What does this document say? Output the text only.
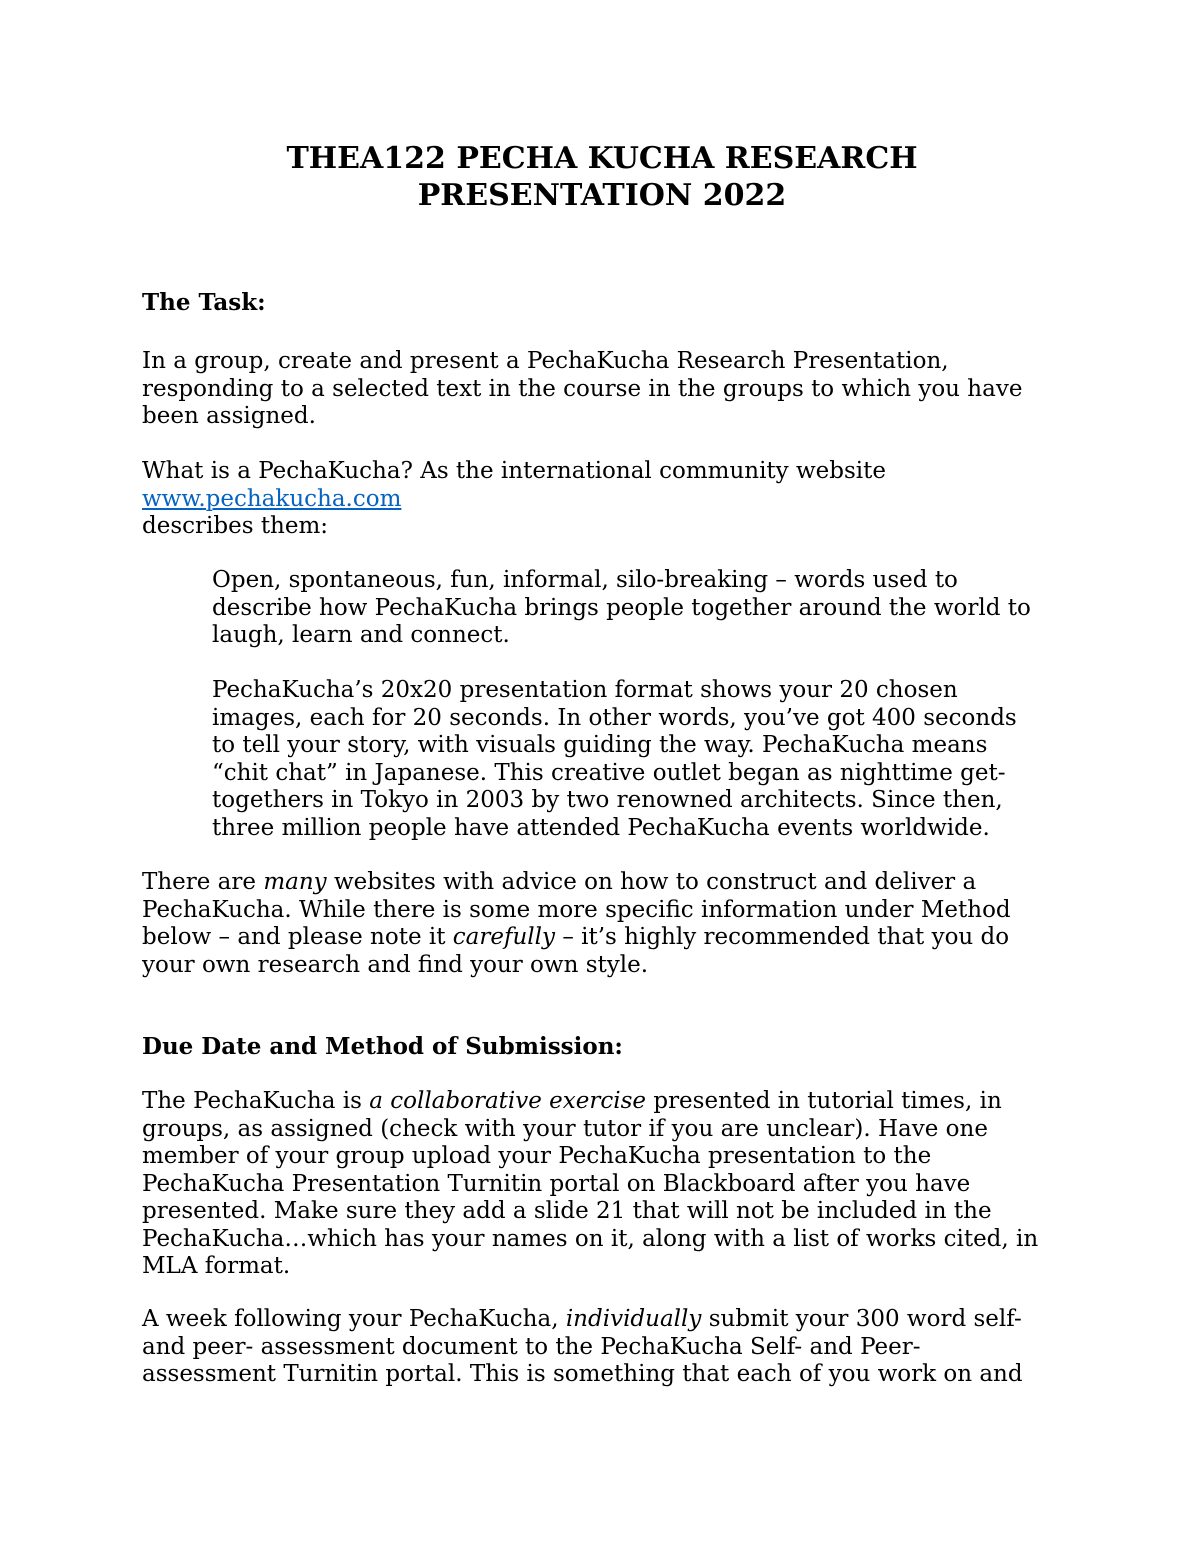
THEA122 PECHA KUCHA RESEARCH
PRESENTATION 2022
The Task:

In a group, create and present a PechaKucha Research Presentation,
responding to a selected text in the course in the groups to which you have
been assigned.

What is a PechaKucha? As the international community website
www.pechakucha.com
describes them:

Open, spontaneous, fun, informal, silo-breaking – words used to
describe how PechaKucha brings people together around the world to
laugh, learn and connect.

PechaKucha’s 20x20 presentation format shows your 20 chosen
images, each for 20 seconds. In other words, you’ve got 400 seconds
to tell your story, with visuals guiding the way. PechaKucha means
“chit chat” in Japanese. This creative outlet began as nighttime get-
togethers in Tokyo in 2003 by two renowned architects. Since then,
three million people have attended PechaKucha events worldwide.

There are many websites with advice on how to construct and deliver a
PechaKucha. While there is some more specific information under Method
below – and please note it carefully – it’s highly recommended that you do
your own research and find your own style.

Due Date and Method of Submission:

The PechaKucha is a collaborative exercise presented in tutorial times, in
groups, as assigned (check with your tutor if you are unclear). Have one
member of your group upload your PechaKucha presentation to the
PechaKucha Presentation Turnitin portal on Blackboard after you have
presented. Make sure they add a slide 21 that will not be included in the
PechaKucha…which has your names on it, along with a list of works cited, in
MLA format.

A week following your PechaKucha, individually submit your 300 word self-
and peer- assessment document to the PechaKucha Self- and Peer-
assessment Turnitin portal. This is something that each of you work on and
